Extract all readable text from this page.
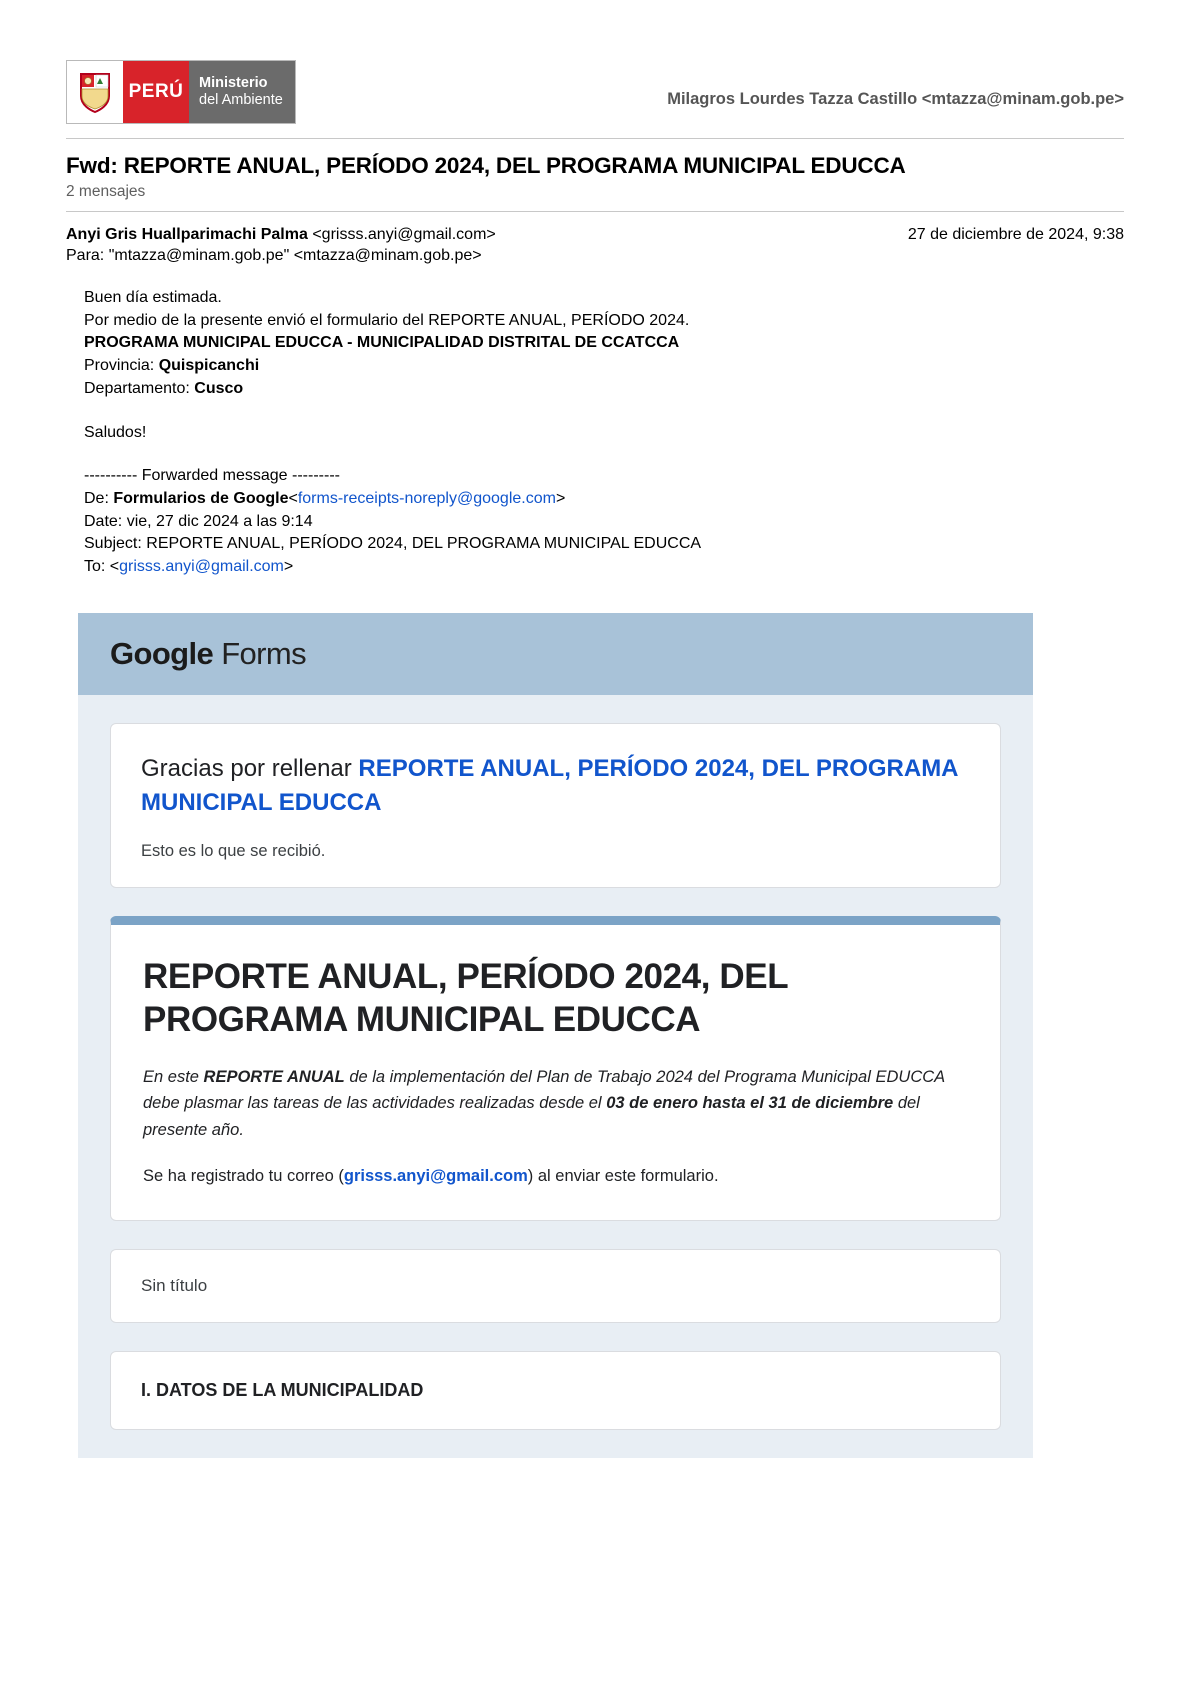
PERÚ	Ministerio
del Ambiente	Milagros Lourdes Tazza Castillo <mtazza@minam.gob.pe>
Fwd: REPORTE ANUAL, PERÍODO 2024, DEL PROGRAMA MUNICIPAL EDUCCA
2 mensajes
Anyi Gris Huallparimachi Palma <grisss.anyi@gmail.com>	27 de diciembre de 2024, 9:38
Para: "mtazza@minam.gob.pe" <mtazza@minam.gob.pe>

Buen día estimada.

Por medio de la presente envió el formulario del REPORTE ANUAL, PERÍODO 2024.

PROGRAMA MUNICIPAL EDUCCA - MUNICIPALIDAD DISTRITAL DE CCATCCA

Provincia: Quispicanchi

Departamento: Cusco

Saludos!

---------- Forwarded message ---------

De: Formularios de Google<forms-receipts-noreply@google.com>

Date: vie, 27 dic 2024 a las 9:14

Subject: REPORTE ANUAL, PERÍODO 2024, DEL PROGRAMA MUNICIPAL EDUCCA

To: <grisss.anyi@gmail.com>

Google Forms
Gracias por rellenar REPORTE ANUAL, PERÍODO 2024, DEL PROGRAMA MUNICIPAL EDUCCA
Esto es lo que se recibió.
REPORTE ANUAL, PERÍODO 2024, DEL PROGRAMA MUNICIPAL EDUCCA
En este REPORTE ANUAL de la implementación del Plan de Trabajo 2024 del Programa Municipal EDUCCA debe plasmar las tareas de las actividades realizadas desde el 03 de enero hasta el 31 de diciembre del presente año.
Se ha registrado tu correo (grisss.anyi@gmail.com) al enviar este formulario.
Sin título
I. DATOS DE LA MUNICIPALIDAD
